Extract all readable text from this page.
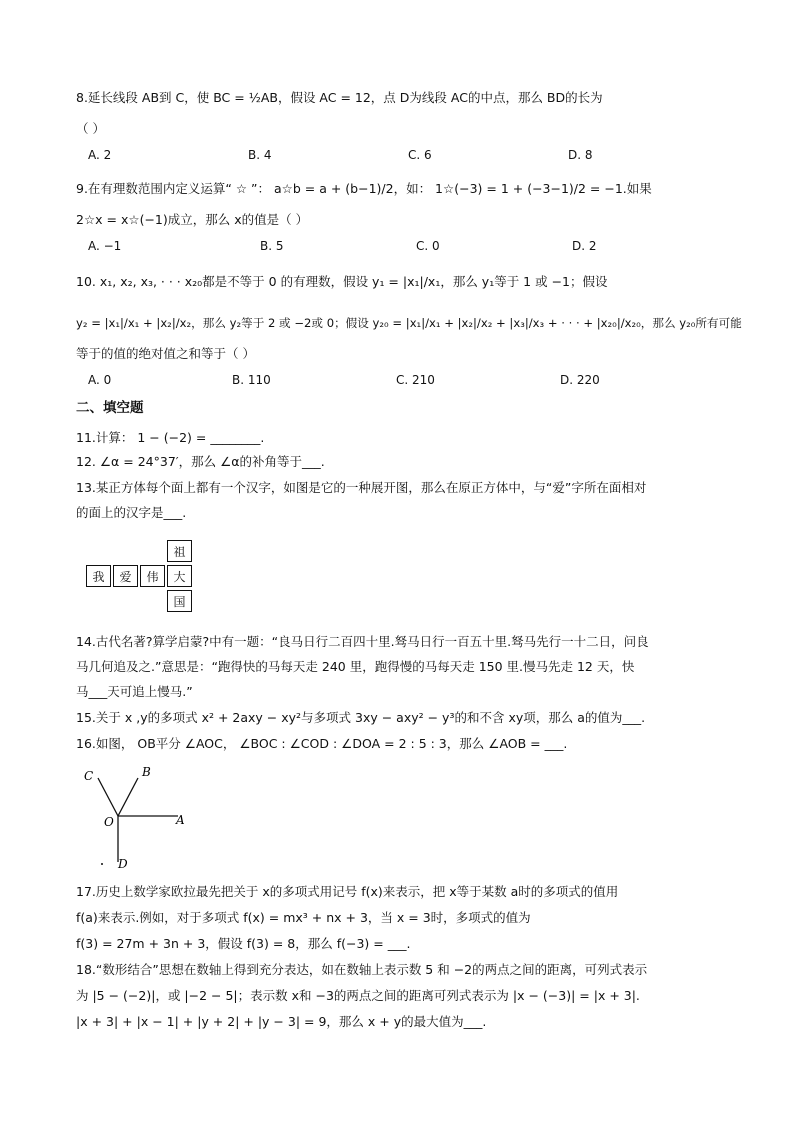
8.延长线段 AB到 C，使 BC = ½AB，假设 AC = 12，点 D为线段 AC的中点，那么 BD的长为
（ ）
A. 2	B. 4	C. 6	D. 8
9.在有理数范围内定义运算“ ☆ ”： a☆b = a + (b−1)/2，如： 1☆(−3) = 1 + (−3−1)/2 = −1.如果
2☆x = x☆(−1)成立，那么 x的值是（ ）
A. −1	B. 5	C. 0	D. 2
10. x₁, x₂, x₃, · · · x₂₀都是不等于 0 的有理数，假设 y₁ = |x₁|/x₁，那么 y₁等于 1 或 −1；假设
y₂ = |x₁|/x₁ + |x₂|/x₂，那么 y₂等于 2 或 −2或 0；假设 y₂₀ = |x₁|/x₁ + |x₂|/x₂ + |x₃|/x₃ + · · · + |x₂₀|/x₂₀，那么 y₂₀所有可能
等于的值的绝对值之和等于（ ）
A. 0	B. 110	C. 210	D. 220
二、填空题
11.计算： 1 − (−2) = ________.
12. ∠α = 24°37′，那么 ∠α的补角等于___.
13.某正方体每个面上都有一个汉字，如图是它的一种展开图，那么在原正方体中，与“爱”字所在面相对
的面上的汉字是___.
祖
我	爱	伟	大
国
14.古代名著?算学启蒙?中有一题：“良马日行二百四十里.驽马日行一百五十里.驽马先行一十二日，问良
马几何追及之.”意思是：“跑得快的马每天走 240 里，跑得慢的马每天走 150 里.慢马先走 12 天，快
马___天可追上慢马.”
15.关于 x ,y的多项式 x² + 2axy − xy²与多项式 3xy − axy² − y³的和不含 xy项，那么 a的值为___.
16.如图， OB平分 ∠AOC， ∠BOC : ∠COD : ∠DOA = 2 : 5 : 3，那么 ∠AOB = ___.
C	B
O	A
D
17.历史上数学家欧拉最先把关于 x的多项式用记号 f(x)来表示，把 x等于某数 a时的多项式的值用
f(a)来表示.例如，对于多项式 f(x) = mx³ + nx + 3，当 x = 3时，多项式的值为
f(3) = 27m + 3n + 3，假设 f(3) = 8，那么 f(−3) = ___.
18.“数形结合”思想在数轴上得到充分表达，如在数轴上表示数 5 和 −2的两点之间的距离，可列式表示
为 |5 − (−2)|，或 |−2 − 5|；表示数 x和 −3的两点之间的距离可列式表示为 |x − (−3)| = |x + 3|.
|x + 3| + |x − 1| + |y + 2| + |y − 3| = 9，那么 x + y的最大值为___.
